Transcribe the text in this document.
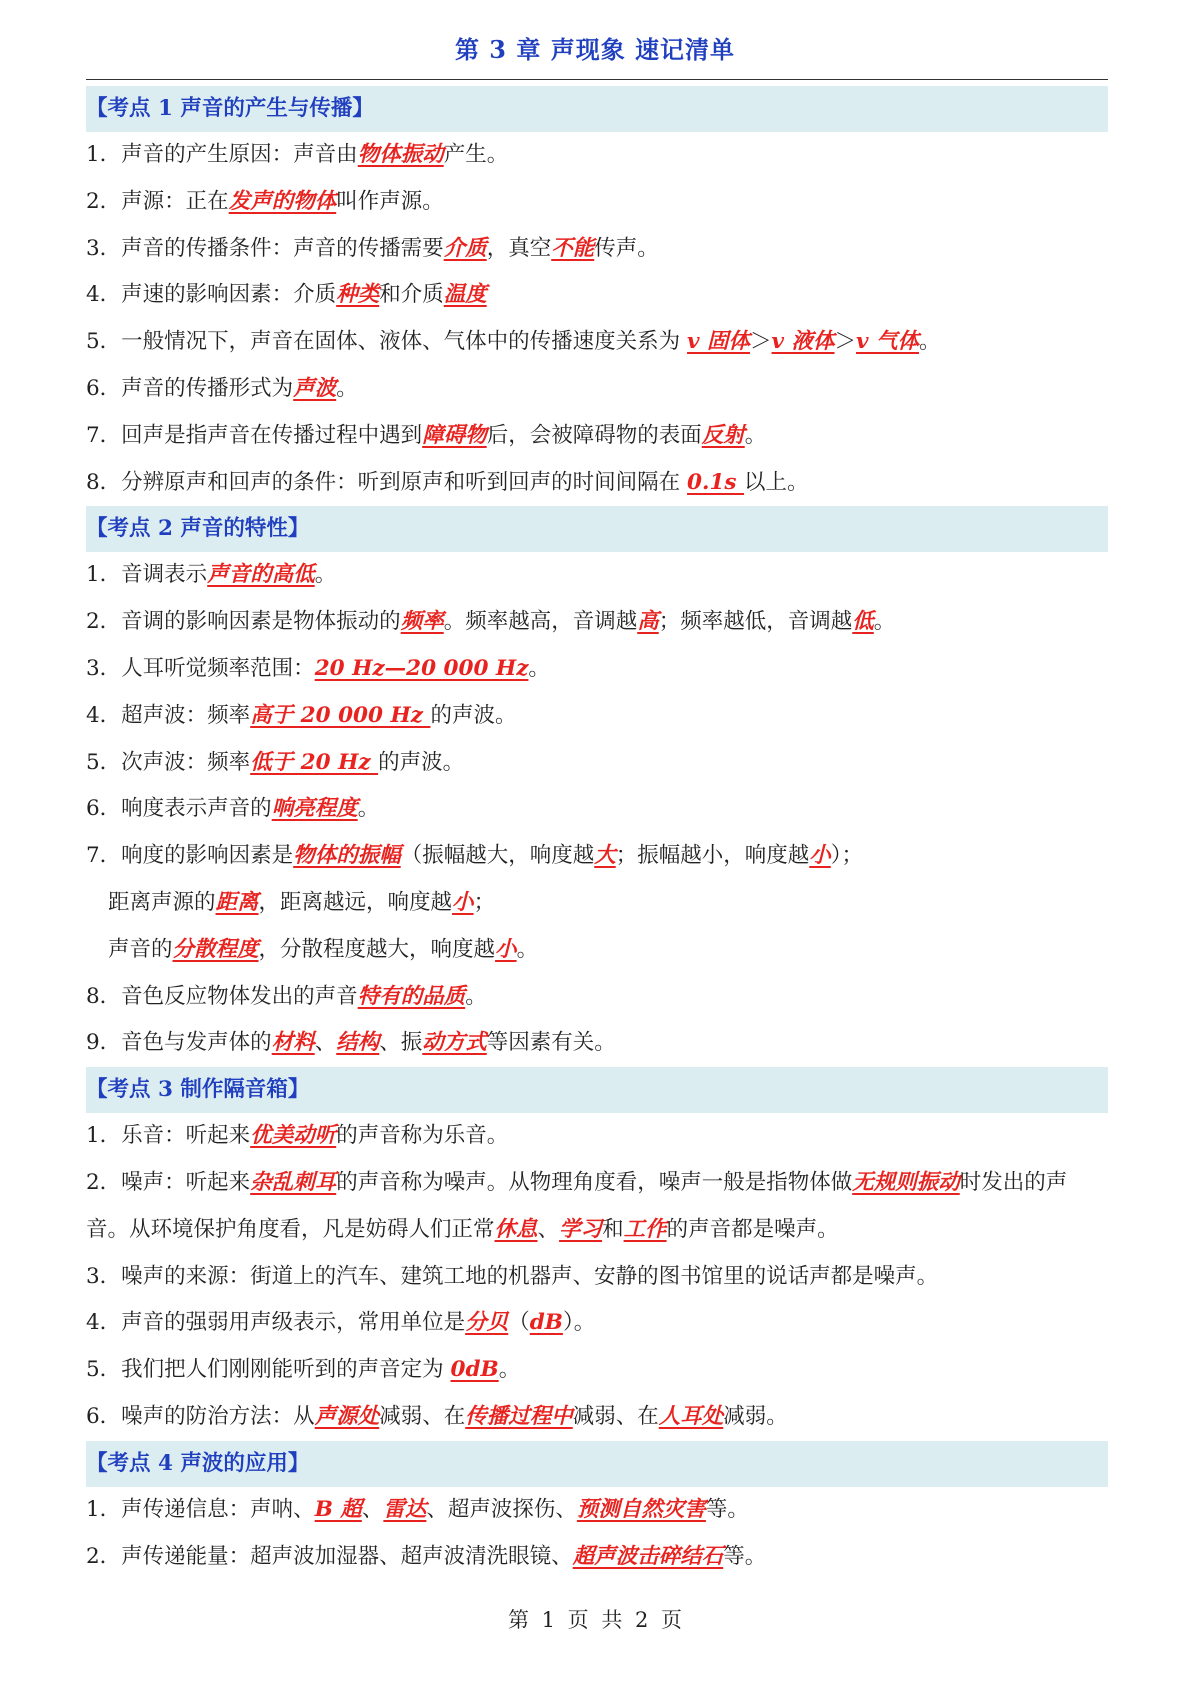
第 3 章 声现象 速记清单
【考点 1 声音的产生与传播】
1．声音的产生原因：声音由物体振动产生。
2．声源：正在发声的物体叫作声源。
3．声音的传播条件：声音的传播需要介质，真空不能传声。
4．声速的影响因素：介质种类和介质温度
5．一般情况下，声音在固体、液体、气体中的传播速度关系为 v 固体＞v 液体＞v 气体。
6．声音的传播形式为声波。
7．回声是指声音在传播过程中遇到障碍物后，会被障碍物的表面反射。
8．分辨原声和回声的条件：听到原声和听到回声的时间间隔在 0.1s 以上。
【考点 2 声音的特性】
1．音调表示声音的高低。
2．音调的影响因素是物体振动的频率。频率越高，音调越高；频率越低，音调越低。
3．人耳听觉频率范围：20 Hz—20 000 Hz。
4．超声波：频率高于 20 000 Hz 的声波。
5．次声波：频率低于 20 Hz 的声波。
6．响度表示声音的响亮程度。
7．响度的影响因素是物体的振幅（振幅越大，响度越大；振幅越小，响度越小）；
距离声源的距离，距离越远，响度越小；
声音的分散程度，分散程度越大，响度越小。
8．音色反应物体发出的声音特有的品质。
9．音色与发声体的材料、结构、振动方式等因素有关。
【考点 3 制作隔音箱】
1．乐音：听起来优美动听的声音称为乐音。
2．噪声：听起来杂乱刺耳的声音称为噪声。从物理角度看，噪声一般是指物体做无规则振动时发出的声音。从环境保护角度看，凡是妨碍人们正常休息、学习和工作的声音都是噪声。
3．噪声的来源：街道上的汽车、建筑工地的机器声、安静的图书馆里的说话声都是噪声。
4．声音的强弱用声级表示，常用单位是分贝（dB）。
5．我们把人们刚刚能听到的声音定为 0dB。
6．噪声的防治方法：从声源处减弱、在传播过程中减弱、在人耳处减弱。
【考点 4 声波的应用】
1．声传递信息：声呐、B 超、雷达、超声波探伤、预测自然灾害等。
2．声传递能量：超声波加湿器、超声波清洗眼镜、超声波击碎结石等。
第 1 页 共 2 页
